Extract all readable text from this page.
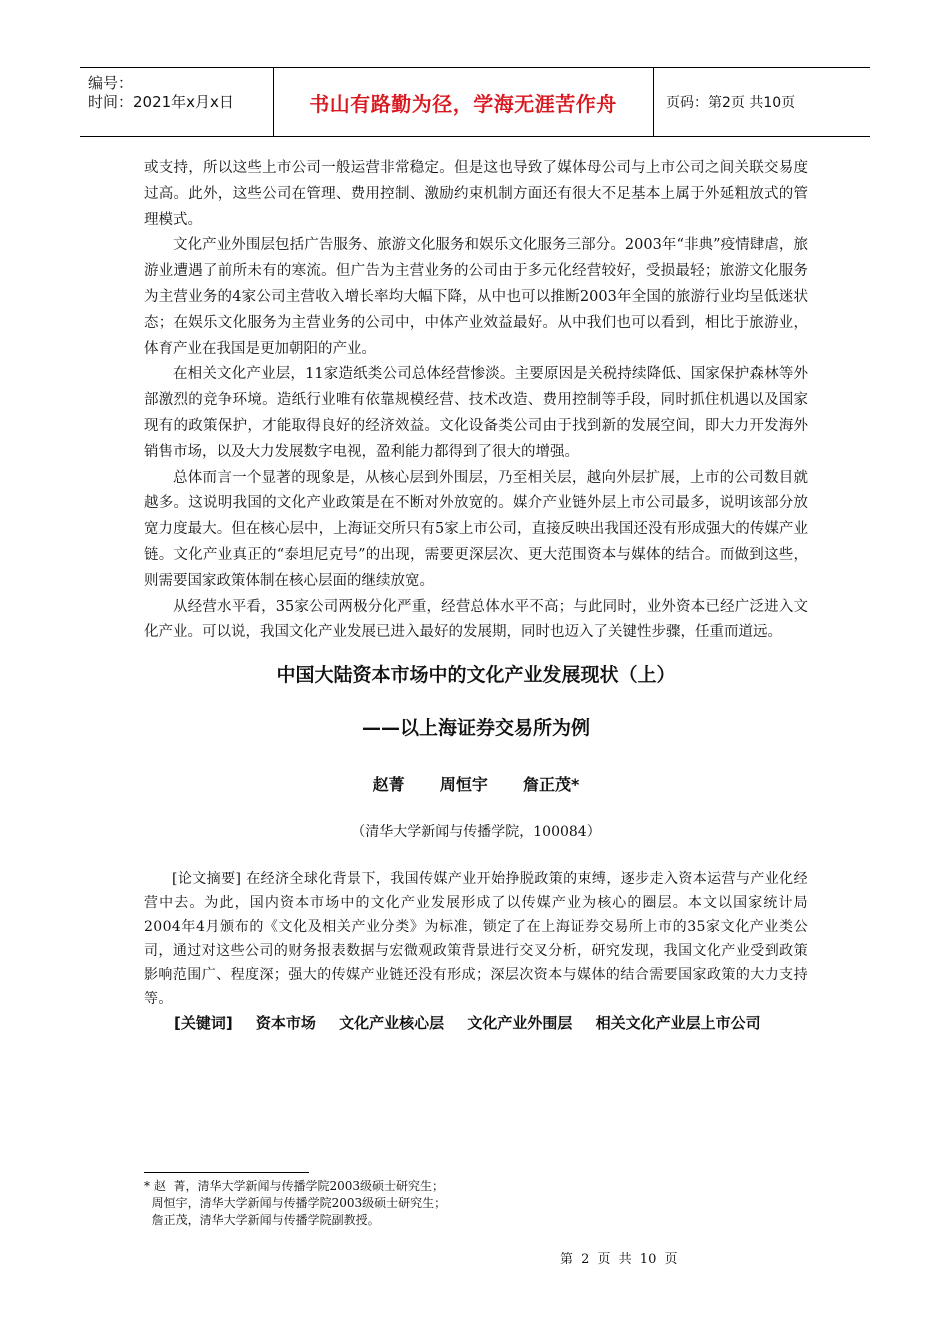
编号：
时间：2021年x月x日	书山有路勤为径，学海无涯苦作舟	页码：第2页 共10页

或支持，所以这些上市公司一般运营非常稳定。但是这也导致了媒体母公司与上市公司之间关联交易度过高。此外，这些公司在管理、费用控制、激励约束机制方面还有很大不足基本上属于外延粗放式的管理模式。

文化产业外围层包括广告服务、旅游文化服务和娱乐文化服务三部分。2003年“非典”疫情肆虐，旅游业遭遇了前所未有的寒流。但广告为主营业务的公司由于多元化经营较好，受损最轻；旅游文化服务为主营业务的4家公司主营收入增长率均大幅下降，从中也可以推断2003年全国的旅游行业均呈低迷状态；在娱乐文化服务为主营业务的公司中，中体产业效益最好。从中我们也可以看到，相比于旅游业，体育产业在我国是更加朝阳的产业。

在相关文化产业层，11家造纸类公司总体经营惨淡。主要原因是关税持续降低、国家保护森林等外部激烈的竞争环境。造纸行业唯有依靠规模经营、技术改造、费用控制等手段，同时抓住机遇以及国家现有的政策保护，才能取得良好的经济效益。文化设备类公司由于找到新的发展空间，即大力开发海外销售市场，以及大力发展数字电视，盈利能力都得到了很大的增强。

总体而言一个显著的现象是，从核心层到外围层，乃至相关层，越向外层扩展，上市的公司数目就越多。这说明我国的文化产业政策是在不断对外放宽的。媒介产业链外层上市公司最多，说明该部分放宽力度最大。但在核心层中，上海证交所只有5家上市公司，直接反映出我国还没有形成强大的传媒产业链。文化产业真正的“泰坦尼克号”的出现，需要更深层次、更大范围资本与媒体的结合。而做到这些，则需要国家政策体制在核心层面的继续放宽。

从经营水平看，35家公司两极分化严重，经营总体水平不高；与此同时，业外资本已经广泛进入文化产业。可以说，我国文化产业发展已进入最好的发展期，同时也迈入了关键性步骤，任重而道远。

中国大陆资本市场中的文化产业发展现状（上）

——以上海证券交易所为例

赵菁  周恒宇  詹正茂*
（清华大学新闻与传播学院，100084）

[论文摘要] 在经济全球化背景下，我国传媒产业开始挣脱政策的束缚，逐步走入资本运营与产业化经营中去。为此，国内资本市场中的文化产业发展形成了以传媒产业为核心的圈层。本文以国家统计局2004年4月颁布的《文化及相关产业分类》为标准，锁定了在上海证券交易所上市的35家文化产业类公司，通过对这些公司的财务报表数据与宏微观政策背景进行交叉分析，研究发现，我国文化产业受到政策影响范围广、程度深；强大的传媒产业链还没有形成；深层次资本与媒体的结合需要国家政策的大力支持等。

[关键词] 资本市场 文化产业核心层 文化产业外围层 相关文化产业层上市公司

* 赵  菁，清华大学新闻与传播学院2003级硕士研究生；
周恒宇，清华大学新闻与传播学院2003级硕士研究生；
詹正茂，清华大学新闻与传播学院副教授。
第 2 页 共 10 页
